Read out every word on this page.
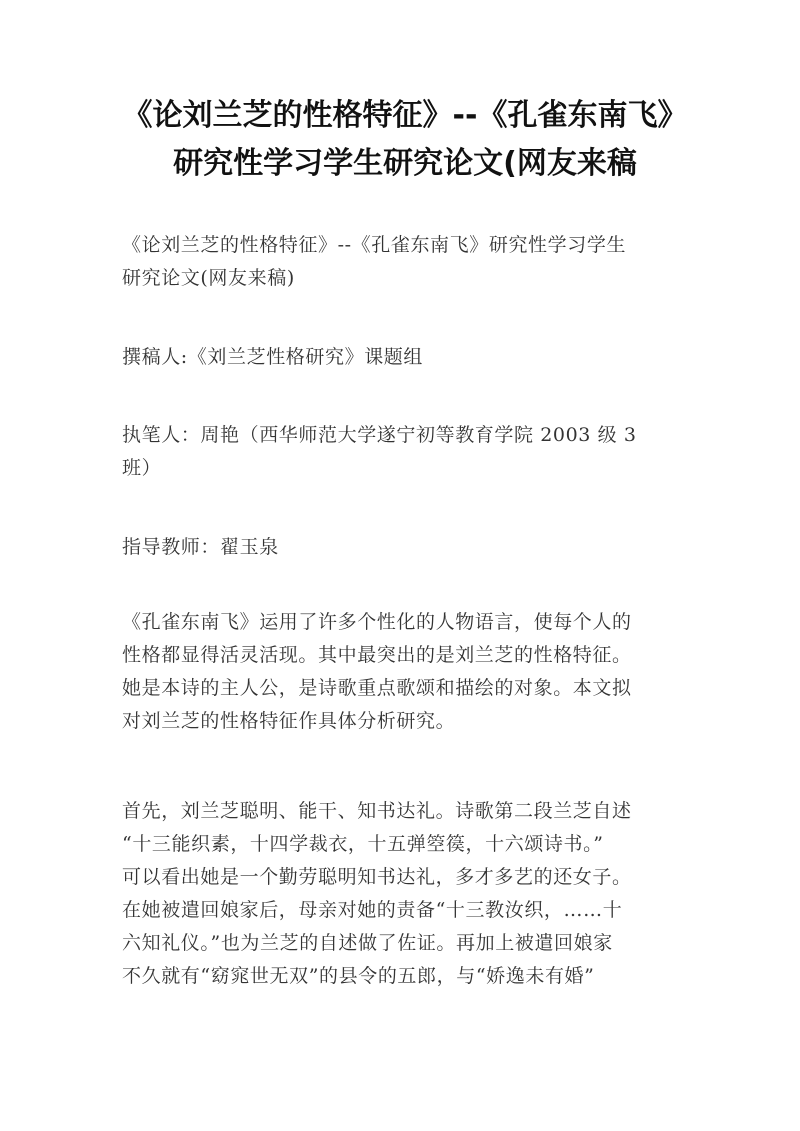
《论刘兰芝的性格特征》--《孔雀东南飞》
研究性学习学生研究论文(网友来稿

《论刘兰芝的性格特征》--《孔雀东南飞》研究性学习学生
研究论文(网友来稿)

撰稿人:《刘兰芝性格研究》课题组

执笔人：周艳（西华师范大学遂宁初等教育学院 2003 级 3
班）

指导教师：翟玉泉

《孔雀东南飞》运用了许多个性化的人物语言，使每个人的
性格都显得活灵活现。其中最突出的是刘兰芝的性格特征。
她是本诗的主人公，是诗歌重点歌颂和描绘的对象。本文拟
对刘兰芝的性格特征作具体分析研究。

首先，刘兰芝聪明、能干、知书达礼。诗歌第二段兰芝自述
“十三能织素，十四学裁衣，十五弹箜篌，十六颂诗书。”
可以看出她是一个勤劳聪明知书达礼，多才多艺的还女子。
在她被遣回娘家后，母亲对她的责备“十三教汝织，……十
六知礼仪。”也为兰芝的自述做了佐证。再加上被遣回娘家
不久就有“窈窕世无双”的县令的五郎，与“娇逸未有婚”
